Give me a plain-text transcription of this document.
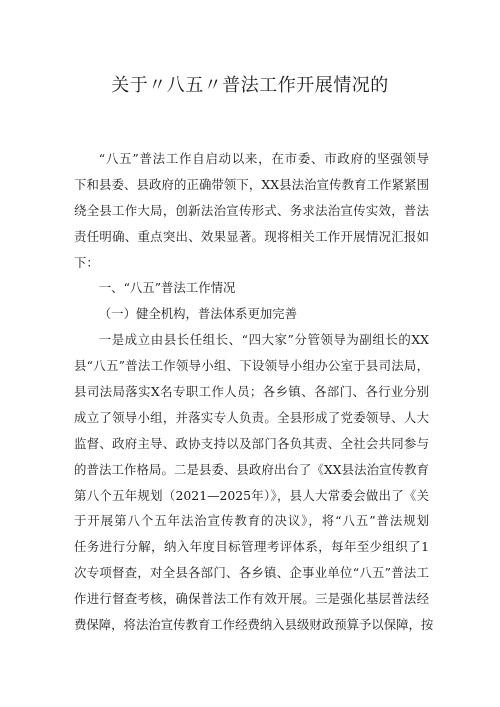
关于〃八五〃普法工作开展情况的
“八五”普法工作自启动以来，在市委、市政府的坚强领导
下和县委、县政府的正确带领下，XX县法治宣传教育工作紧紧围
绕全县工作大局，创新法治宣传形式、务求法治宣传实效，普法
责任明确、重点突出、效果显著。现将相关工作开展情况汇报如
下：
一、“八五”普法工作情况
（一）健全机构，普法体系更加完善
一是成立由县长任组长、“四大家”分管领导为副组长的XX
县“八五”普法工作领导小组、下设领导小组办公室于县司法局，
县司法局落实X名专职工作人员；各乡镇、各部门、各行业分别
成立了领导小组，并落实专人负责。全县形成了党委领导、人大
监督、政府主导、政协支持以及部门各负其责、全社会共同参与
的普法工作格局。二是县委、县政府出台了《XX县法治宣传教育
第八个五年规划（2021—2025年）》，县人大常委会做出了《关
于开展第八个五年法治宣传教育的决议》，将“八五”普法规划
任务进行分解，纳入年度目标管理考评体系，每年至少组织了1
次专项督查，对全县各部门、各乡镇、企事业单位“八五”普法工
作进行督查考核，确保普法工作有效开展。三是强化基层普法经
费保障，将法治宣传教育工作经费纳入县级财政预算予以保障，按
